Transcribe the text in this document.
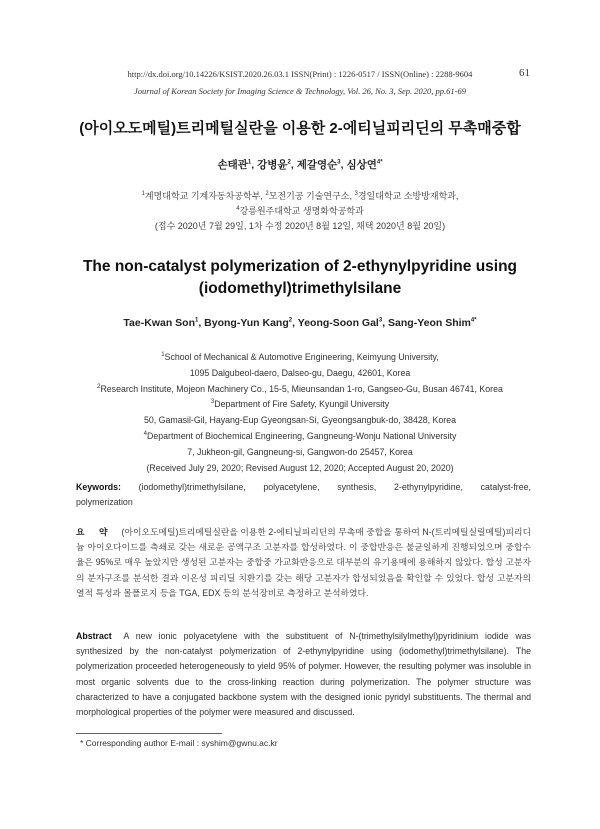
http://dx.doi.org/10.14226/KSIST.2020.26.03.1 ISSN(Print) : 1226-0517 / ISSN(Online) : 2288-9604	61
Journal of Korean Society for Imaging Science & Technology, Vol. 26, No. 3, Sep. 2020, pp.61-69
(아이오도메틸)트리메틸실란을 이용한 2-에티닐피리딘의 무촉매중합
손태관$^1$, 강병윤$^2$, 제갈영순$^3$, 심상연$^{4*}$
$^1$계명대학교 기계자동차공학부, $^2$모전기공 기술연구소, $^3$경일대학교 소방방재학과,
$^4$강릉원주대학교 생명화학공학과
(접수 2020년 7월 29일, 1차 수정 2020년 8월 12일, 채택 2020년 8월 20일)
The non-catalyst polymerization of 2-ethynylpyridine using
(iodomethyl)trimethylsilane
Tae-Kwan Son$^1$, Byong-Yun Kang$^2$, Yeong-Soon Gal$^3$, Sang-Yeon Shim$^{4*}$
$^1$School of Mechanical & Automotive Engineering, Keimyung University,
1095 Dalgubeol-daero, Dalseo-gu, Daegu, 42601, Korea
$^2$Research Institute, Mojeon Machinery Co., 15-5, Mieunsandan 1-ro, Gangseo-Gu, Busan 46741, Korea
$^3$Department of Fire Safety, Kyungil University
50, Gamasil-Gil, Hayang-Eup Gyeongsan-Si, Gyeongsangbuk-do, 38428, Korea
$^4$Department of Biochemical Engineering, Gangneung-Wonju National University
7, Jukheon-gil, Gangneung-si, Gangwon-do 25457, Korea
(Received July 29, 2020; Revised August 12, 2020; Accepted August 20, 2020)
Keywords: (iodomethyl)trimethylsilane, polyacetylene, synthesis, 2-ethynylpyridine, catalyst-free,
polymerization
요 약 (아이오도메틸)트리메틸실란을 이용한 2-에티닐피리딘의 무촉매 중합을 통하여 N-(트리메틸실릴메틸)피리디늄 아이오다이드를 측쇄로 갖는 새로운 공액구조 고분자를 합성하였다. 이 중합반응은 불균일하게 진행되었으며 중합수율은 95%로 매우 높았지만 생성된 고분자는 중합중 가교화반응으로 대부분의 유기용매에 용해하지 않았다. 합성 고분자의 분자구조를 분석한 결과 이온성 피리딜 치환기를 갖는 해당 고분자가 합성되었음을 확인할 수 있었다. 합성 고분자의 열적 특성과 몰폴로지 등을 TGA, EDX 등의 분석장비로 측정하고 분석하였다.
Abstract A new ionic polyacetylene with the substituent of N-(trimethylsilylmethyl)pyridinium iodide was synthesized by the non-catalyst polymerization of 2-ethynylpyridine using (iodomethyl)trimethylsilane). The polymerization proceeded heterogeneously to yield 95% of polymer. However, the resulting polymer was insoluble in most organic solvents due to the cross-linking reaction during polymerization. The polymer structure was characterized to have a conjugated backbone system with the designed ionic pyridyl substituents. The thermal and morphological properties of the polymer were measured and discussed.
* Corresponding author E-mail : syshim@gwnu.ac.kr
